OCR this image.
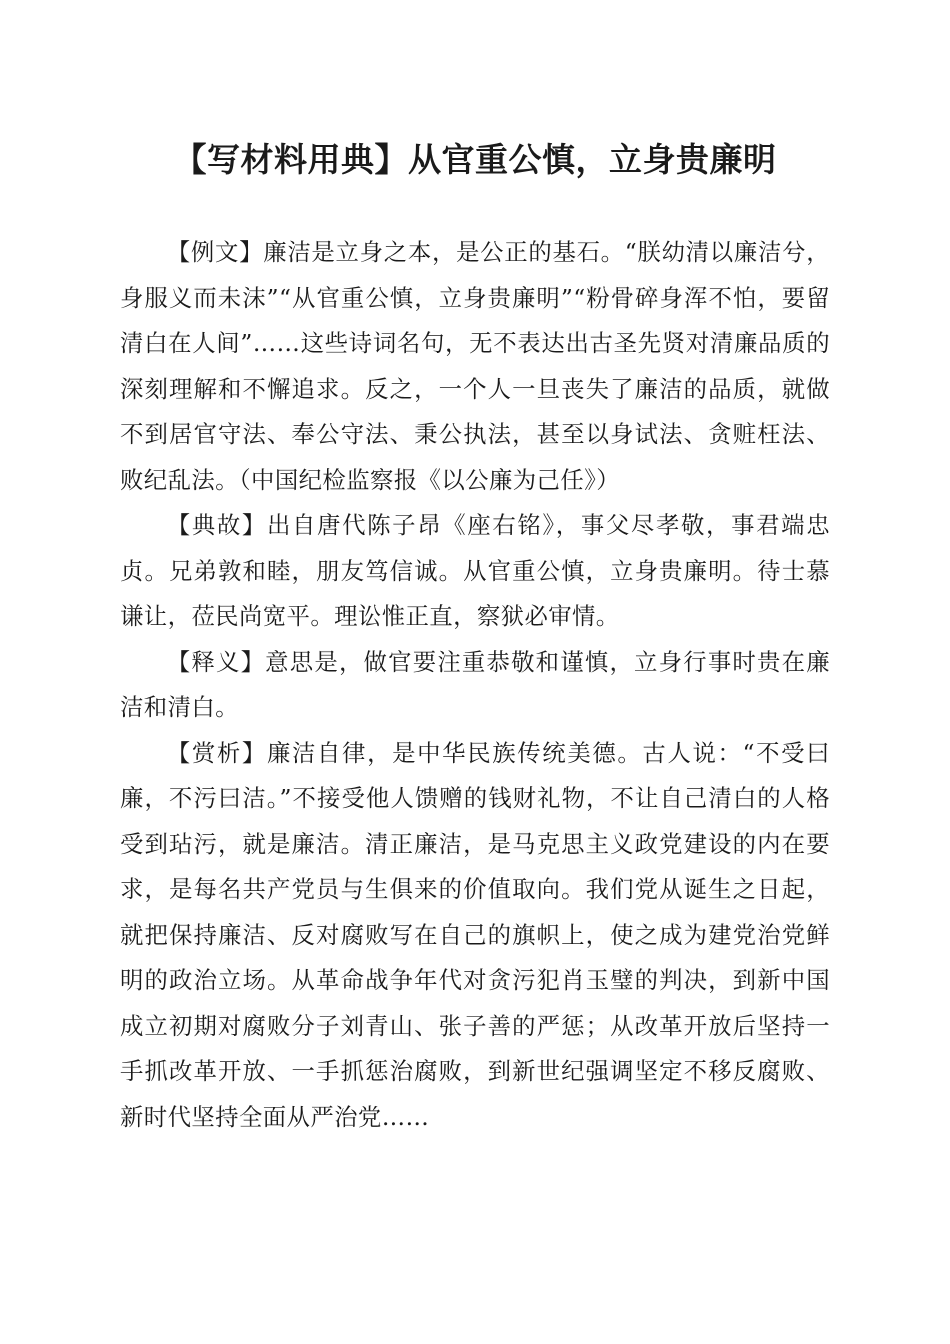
【写材料用典】从官重公慎，立身贵廉明

【例文】廉洁是立身之本，是公正的基石。“朕幼清以廉洁兮，身服义而未沫”“从官重公慎，立身贵廉明”“粉骨碎身浑不怕，要留清白在人间”……这些诗词名句，无不表达出古圣先贤对清廉品质的深刻理解和不懈追求。反之，一个人一旦丧失了廉洁的品质，就做不到居官守法、奉公守法、秉公执法，甚至以身试法、贪赃枉法、败纪乱法。（中国纪检监察报《以公廉为己任》）

【典故】出自唐代陈子昂《座右铭》，事父尽孝敬，事君端忠贞。兄弟敦和睦，朋友笃信诚。从官重公慎，立身贵廉明。待士慕谦让，莅民尚宽平。理讼惟正直，察狱必审情。

【释义】意思是，做官要注重恭敬和谨慎，立身行事时贵在廉洁和清白。

【赏析】廉洁自律，是中华民族传统美德。古人说：“不受曰廉，不污曰洁。”不接受他人馈赠的钱财礼物，不让自己清白的人格受到玷污，就是廉洁。清正廉洁，是马克思主义政党建设的内在要求，是每名共产党员与生俱来的价值取向。我们党从诞生之日起，就把保持廉洁、反对腐败写在自己的旗帜上，使之成为建党治党鲜明的政治立场。从革命战争年代对贪污犯肖玉璧的判决，到新中国成立初期对腐败分子刘青山、张子善的严惩；从改革开放后坚持一手抓改革开放、一手抓惩治腐败，到新世纪强调坚定不移反腐败、新时代坚持全面从严治党……
